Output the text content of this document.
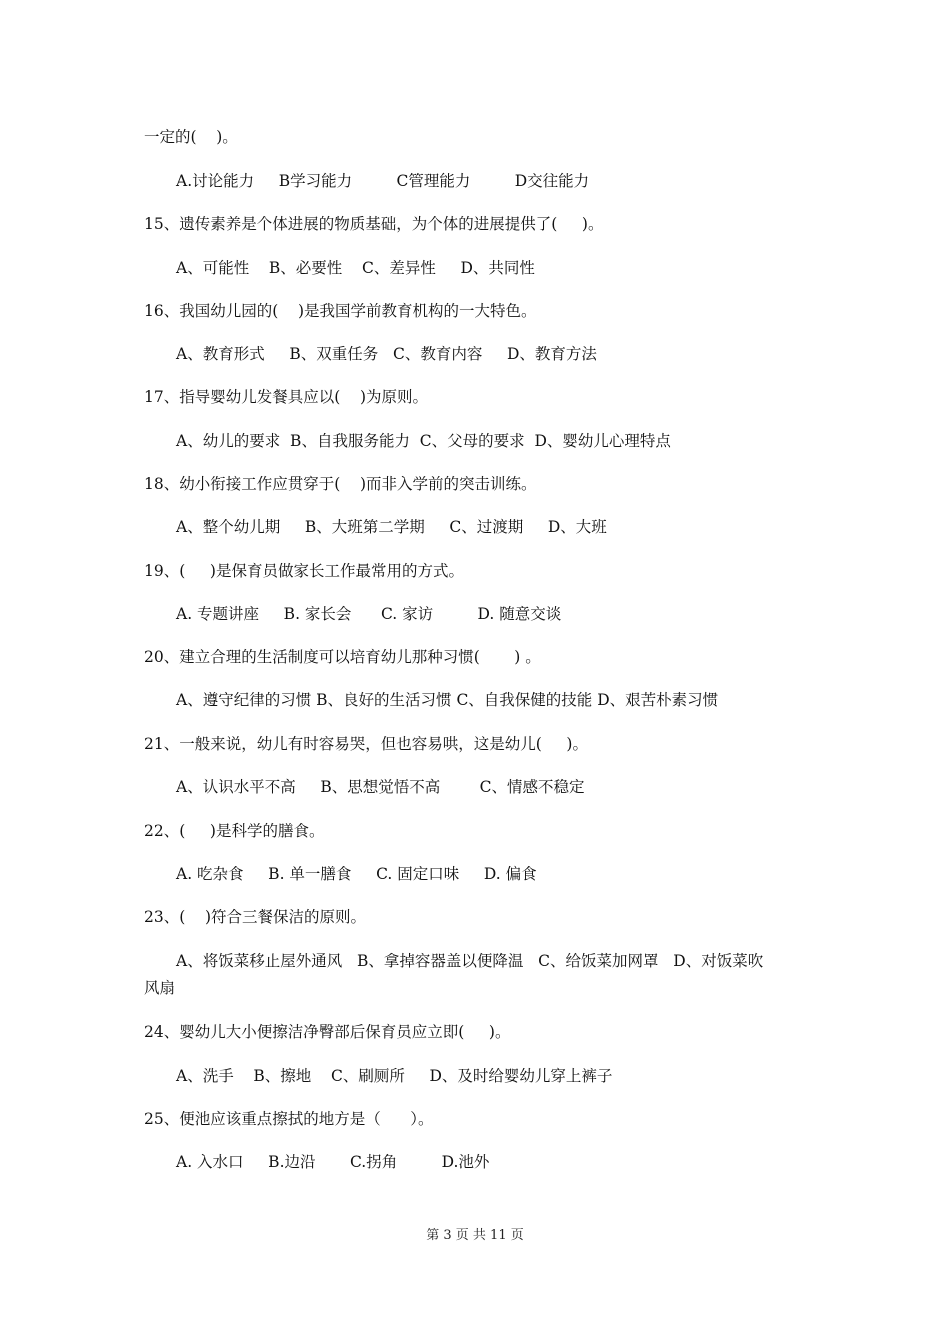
一定的(    )。
A.讨论能力     B学习能力         C管理能力         D交往能力
15、遗传素养是个体进展的物质基础，为个体的进展提供了(     )。
A、可能性    B、必要性    C、差异性     D、共同性
16、我国幼儿园的(    )是我国学前教育机构的一大特色。
A、教育形式     B、双重任务   C、教育内容     D、教育方法
17、指导婴幼儿发餐具应以(    )为原则。
A、幼儿的要求  B、自我服务能力  C、父母的要求  D、婴幼儿心理特点
18、幼小衔接工作应贯穿于(    )而非入学前的突击训练。
A、整个幼儿期     B、大班第二学期     C、过渡期     D、大班
19、(     )是保育员做家长工作最常用的方式。
A. 专题讲座     B. 家长会      C. 家访         D. 随意交谈
20、建立合理的生活制度可以培育幼儿那种习惯(       ) 。
A、遵守纪律的习惯 B、良好的生活习惯 C、自我保健的技能 D、艰苦朴素习惯
21、一般来说，幼儿有时容易哭，但也容易哄，这是幼儿(     )。
A、认识水平不高     B、思想觉悟不高        C、情感不稳定
22、(     )是科学的膳食。
A. 吃杂食     B. 单一膳食     C. 固定口味     D. 偏食
23、(    )符合三餐保洁的原则。
A、将饭菜移止屋外通风   B、拿掉容器盖以便降温   C、给饭菜加网罩   D、对饭菜吹
风扇
24、婴幼儿大小便擦洁净臀部后保育员应立即(     )。
A、洗手    B、擦地    C、刷厕所     D、及时给婴幼儿穿上裤子
25、便池应该重点擦拭的地方是（      ）。
A. 入水口     B.边沿       C.拐角         D.池外
第 3 页 共 11 页
